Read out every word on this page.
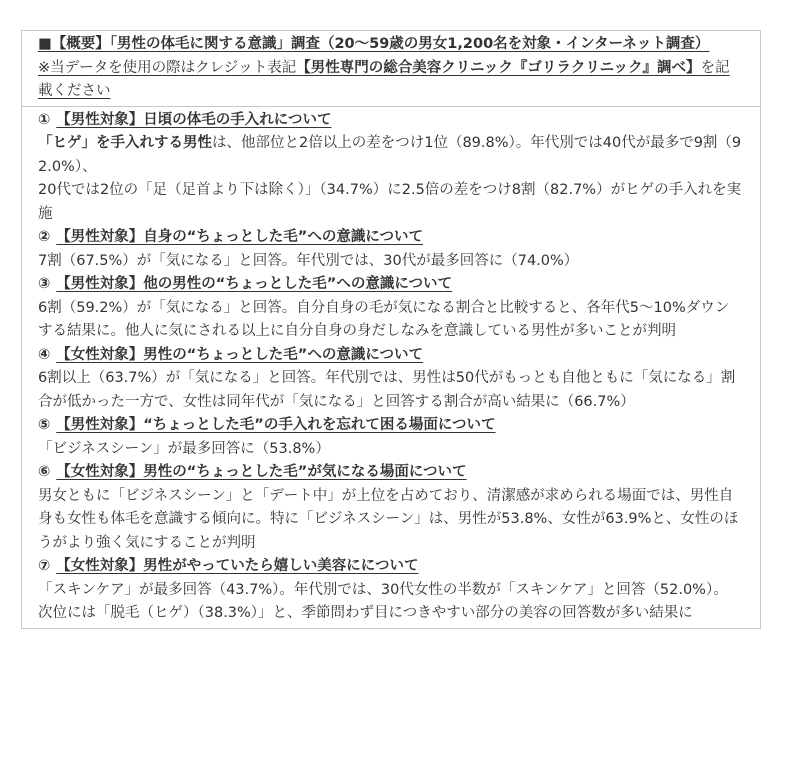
■【概要】「男性の体毛に関する意識」調査（20〜59歳の男女1,200名を対象・インターネット調査）
※当データを使用の際はクレジット表記【男性専門の総合美容クリニック『ゴリラクリニック』調べ】を記載ください
① 【男性対象】日頃の体毛の手入れについて
「ヒゲ」を手入れする男性は、他部位と2倍以上の差をつけ1位（89.8%）。年代別では40代が最多で9割（92.0%）、
20代では2位の「足（足首より下は除く）」（34.7%）に2.5倍の差をつけ8割（82.7%）がヒゲの手入れを実施
② 【男性対象】自身の“ちょっとした毛”への意識について
7割（67.5%）が「気になる」と回答。年代別では、30代が最多回答に（74.0%）
③ 【男性対象】他の男性の“ちょっとした毛”への意識について
6割（59.2%）が「気になる」と回答。自分自身の毛が気になる割合と比較すると、各年代5〜10%ダウンする結果に。他人に気にされる以上に自分自身の身だしなみを意識している男性が多いことが判明
④ 【女性対象】男性の“ちょっとした毛”への意識について
6割以上（63.7%）が「気になる」と回答。年代別では、男性は50代がもっとも自他ともに「気になる」割合が低かった一方で、女性は同年代が「気になる」と回答する割合が高い結果に（66.7%）
⑤ 【男性対象】“ちょっとした毛”の手入れを忘れて困る場面について
「ビジネスシーン」が最多回答に（53.8%）
⑥ 【女性対象】男性の“ちょっとした毛”が気になる場面について
男女ともに「ビジネスシーン」と「デート中」が上位を占めており、清潔感が求められる場面では、男性自身も女性も体毛を意識する傾向に。特に「ビジネスシーン」は、男性が53.8%、女性が63.9%と、女性のほうがより強く気にすることが判明
⑦ 【女性対象】男性がやっていたら嬉しい美容にについて
「スキンケア」が最多回答（43.7%）。年代別では、30代女性の半数が「スキンケア」と回答（52.0%）。次位には「脱毛（ヒゲ）（38.3%）」と、季節問わず目につきやすい部分の美容の回答数が多い結果に
